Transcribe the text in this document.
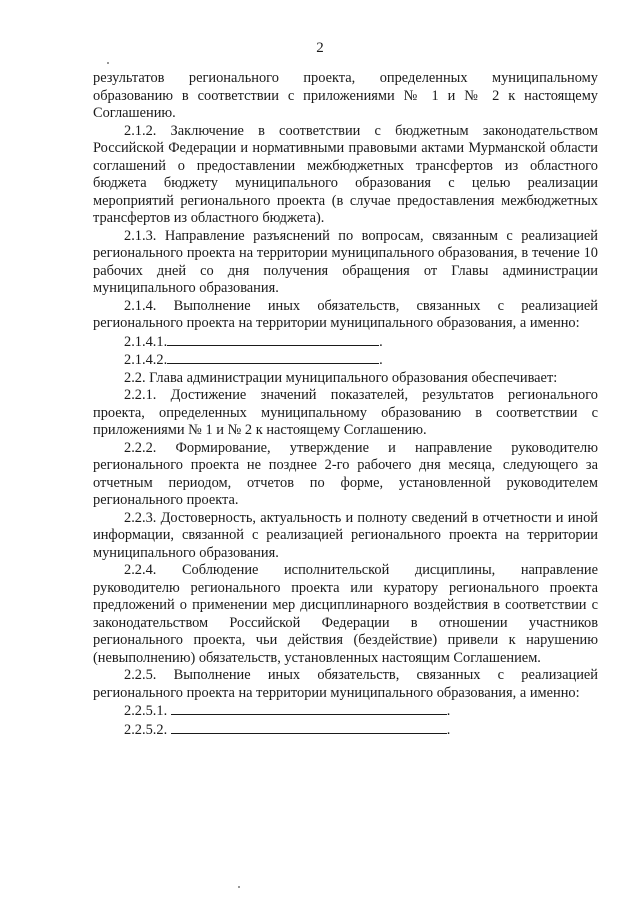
2

результатов регионального проекта, определенных муниципальному образованию в соответствии с приложениями № 1 и № 2 к настоящему Соглашению.

2.1.2. Заключение в соответствии с бюджетным законодательством Российской Федерации и нормативными правовыми актами Мурманской области соглашений о предоставлении межбюджетных трансфертов из областного бюджета бюджету муниципального образования с целью реализации мероприятий регионального проекта (в случае предоставления межбюджетных трансфертов из областного бюджета).

2.1.3. Направление разъяснений по вопросам, связанным с реализацией регионального проекта на территории муниципального образования, в течение 10 рабочих дней со дня получения обращения от Главы администрации муниципального образования.

2.1.4. Выполнение иных обязательств, связанных с реализацией регионального проекта на территории муниципального образования, а именно:

2.1.4.1.	.

2.1.4.2.	.

2.2. Глава администрации муниципального образования обеспечивает:

2.2.1. Достижение значений показателей, результатов регионального проекта, определенных муниципальному образованию в соответствии с приложениями № 1 и № 2 к настоящему Соглашению.

2.2.2. Формирование, утверждение и направление руководителю регионального проекта не позднее 2-го рабочего дня месяца, следующего за отчетным периодом, отчетов по форме, установленной руководителем регионального проекта.

2.2.3. Достоверность, актуальность и полноту сведений в отчетности и иной информации, связанной с реализацией регионального проекта на территории муниципального образования.

2.2.4. Соблюдение исполнительской дисциплины, направление руководителю регионального проекта или куратору регионального проекта предложений о применении мер дисциплинарного воздействия в соответствии с законодательством Российской Федерации в отношении участников регионального проекта, чьи действия (бездействие) привели к нарушению (невыполнению) обязательств, установленных настоящим Соглашением.

2.2.5. Выполнение иных обязательств, связанных с реализацией регионального проекта на территории муниципального образования, а именно:

2.2.5.1.	.

2.2.5.2.	.
